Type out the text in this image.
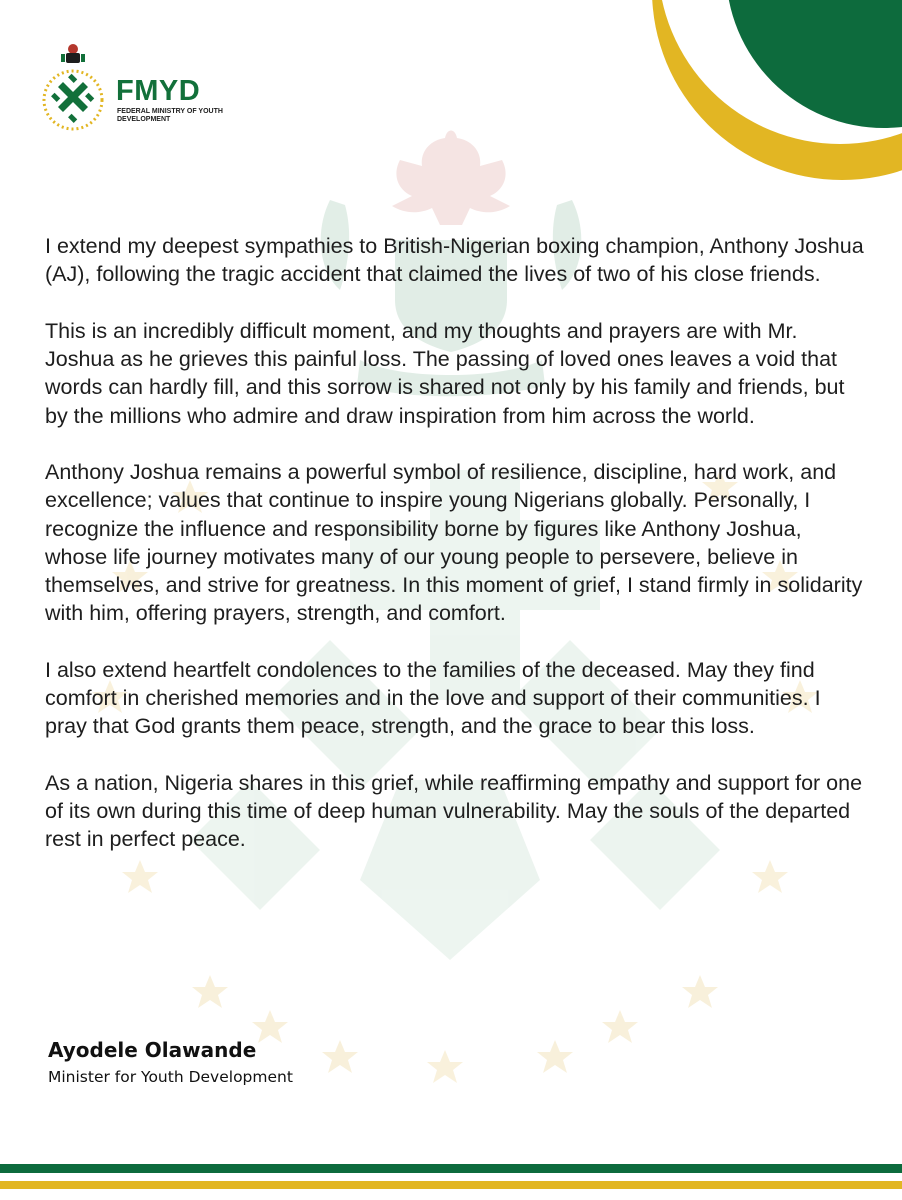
FMYD
FEDERAL MINISTRY OF YOUTH DEVELOPMENT

I extend my deepest sympathies to British-Nigerian boxing champion, Anthony Joshua (AJ), following the tragic accident that claimed the lives of two of his close friends.

This is an incredibly difficult moment, and my thoughts and prayers are with Mr. Joshua as he grieves this painful loss. The passing of loved ones leaves a void that words can hardly fill, and this sorrow is shared not only by his family and friends, but by the millions who admire and draw inspiration from him across the world.

Anthony Joshua remains a powerful symbol of resilience, discipline, hard work, and excellence; values that continue to inspire young Nigerians globally. Personally, I recognize the influence and responsibility borne by figures like Anthony Joshua, whose life journey motivates many of our young people to persevere, believe in themselves, and strive for greatness. In this moment of grief, I stand firmly in solidarity with him, offering prayers, strength, and comfort.

I also extend heartfelt condolences to the families of the deceased. May they find comfort in cherished memories and in the love and support of their communities. I pray that God grants them peace, strength, and the grace to bear this loss.

As a nation, Nigeria shares in this grief, while reaffirming empathy and support for one of its own during this time of deep human vulnerability. May the souls of the departed rest in perfect peace.

Ayodele Olawande
Minister for Youth Development
